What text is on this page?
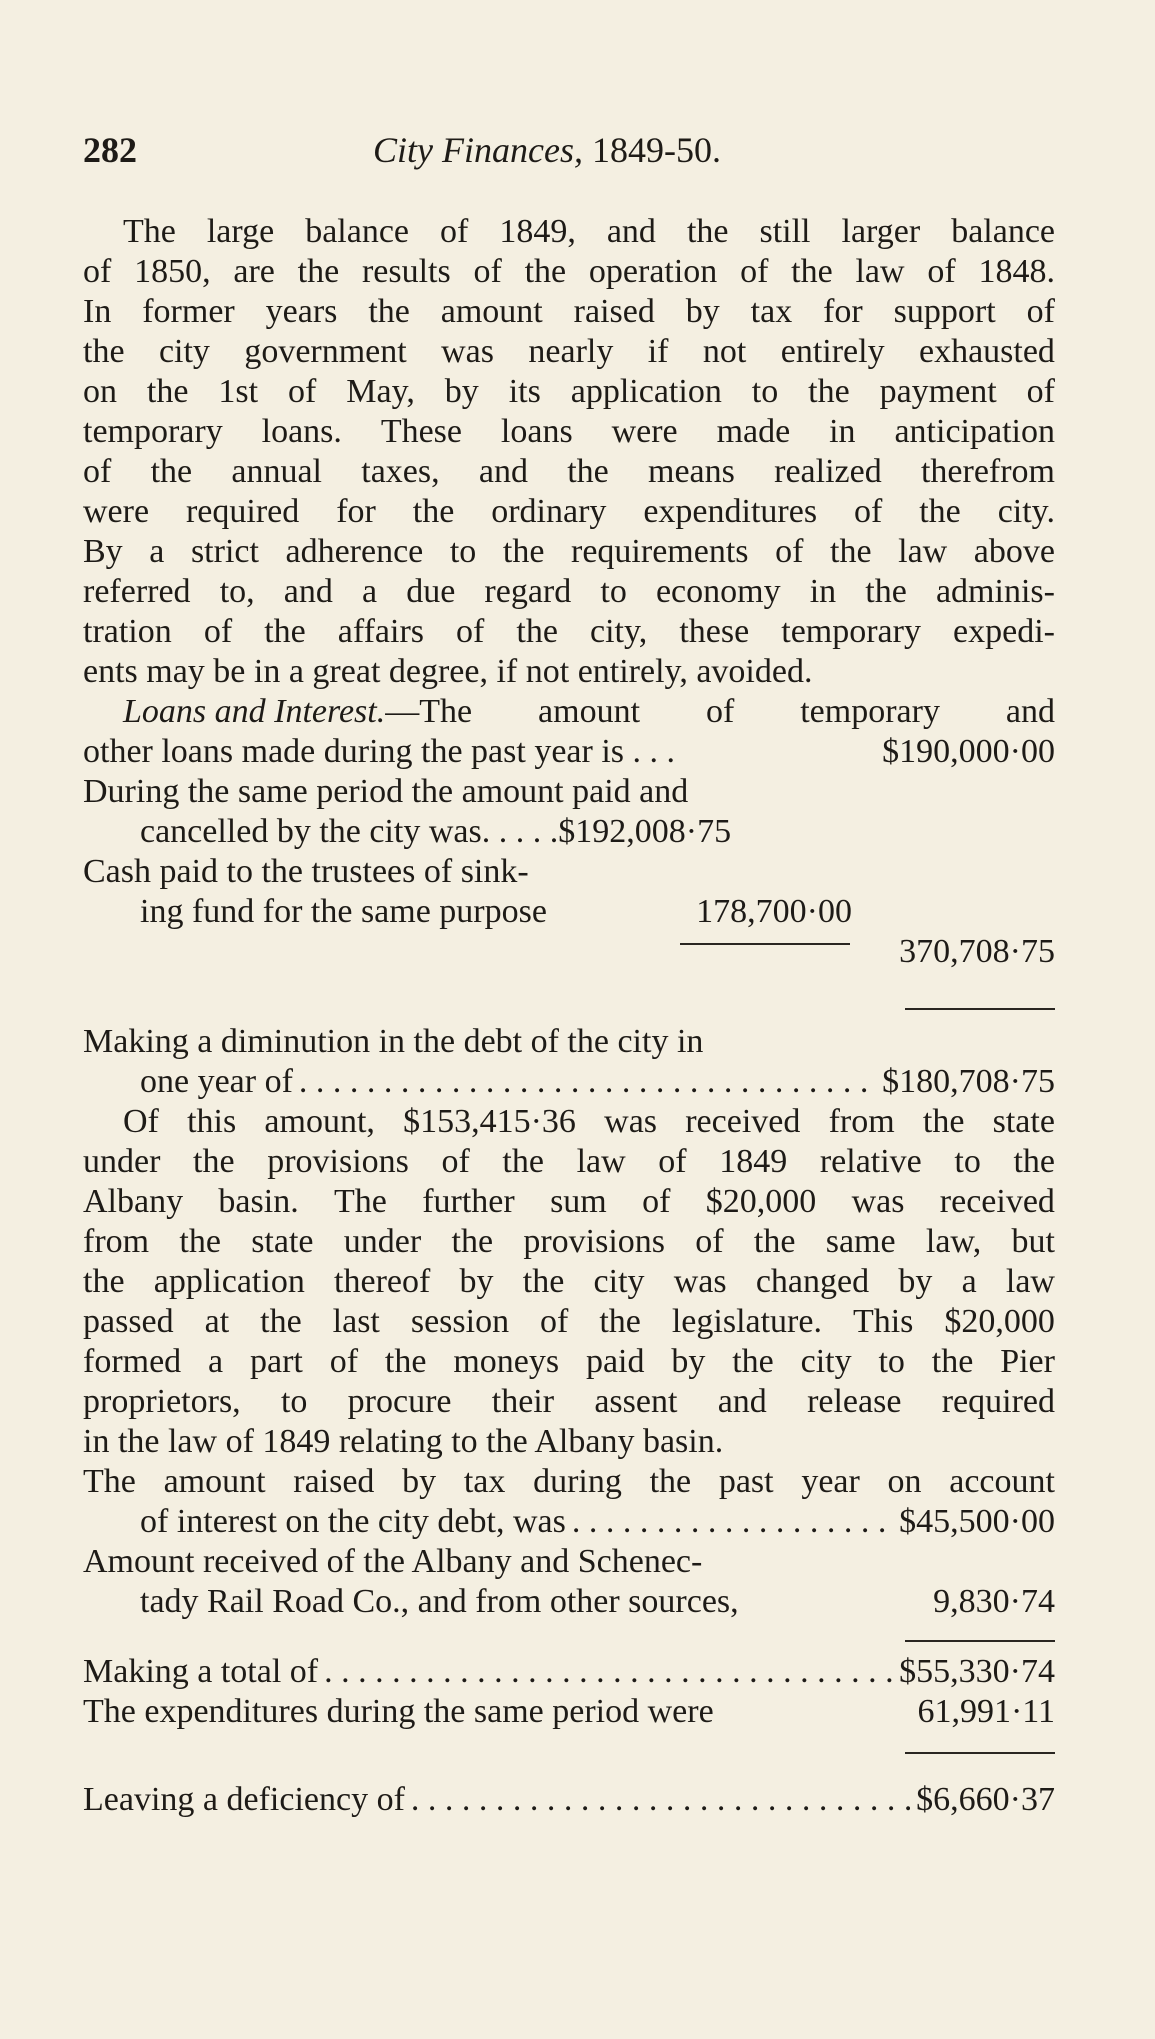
282	City Finances, 1849-50.
The large balance of 1849, and the still larger balance
of 1850, are the results of the operation of the law of 1848.
In former years the amount raised by tax for support of
the city government was nearly if not entirely exhausted
on the 1st of May, by its application to the payment of
temporary loans. These loans were made in anticipation
of the annual taxes, and the means realized therefrom
were required for the ordinary expenditures of the city.
By a strict adherence to the requirements of the law above
referred to, and a due regard to economy in the adminis-
tration of the affairs of the city, these temporary expedi-
ents may be in a great degree, if not entirely, avoided.
Loans and Interest. —The amount of temporary and
other loans made during the past year is . . .	$190,000·00
During the same period the amount paid and
cancelled by the city was. . . . . $192,008·75
Cash paid to the trustees of sink-
ing fund for the same purpose	178,700·00
370,708·75
Making a diminution in the debt of the city in
one year of . . .	$180,708·75
Of this amount, $153,415·36 was received from the state
under the provisions of the law of 1849 relative to the
Albany basin. The further sum of $20,000 was received
from the state under the provisions of the same law, but
the application thereof by the city was changed by a law
passed at the last session of the legislature. This $20,000
formed a part of the moneys paid by the city to the Pier
proprietors, to procure their assent and release required
in the law of 1849 relating to the Albany basin.
The amount raised by tax during the past year on account
of interest on the city debt, was . . .	$45,500·00
Amount received of the Albany and Schenec-
tady Rail Road Co., and from other sources,	9,830·74
Making a total of . . .	$55,330·74
The expenditures during the same period were	61,991·11
Leaving a deficiency of . . .	$6,660·37
